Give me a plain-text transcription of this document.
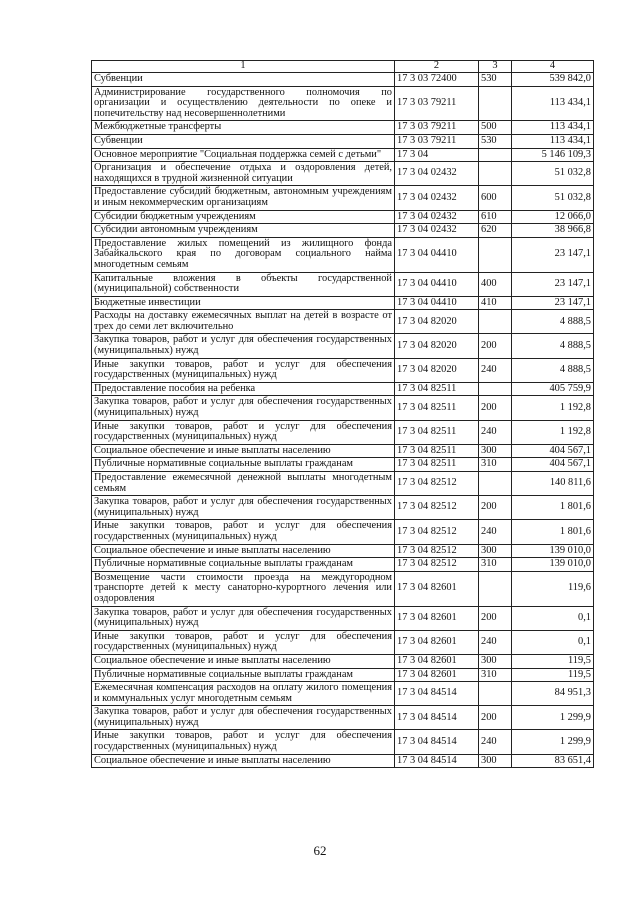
1	2	3	4
Субвенции	17 3 03 72400	530	539 842,0
Администрирование государственного полномочия по организации и осуществлению деятельности по опеке и попечительству над несовершеннолетними	17 3 03 79211		113 434,1
Межбюджетные трансферты	17 3 03 79211	500	113 434,1
Субвенции	17 3 03 79211	530	113 434,1
Основное мероприятие "Социальная поддержка семей с детьми"	17 3 04		5 146 109,3
Организация и обеспечение отдыха и оздоровления детей, находящихся в трудной жизненной ситуации	17 3 04 02432		51 032,8
Предоставление субсидий бюджетным, автономным учреждениям и иным некоммерческим организациям	17 3 04 02432	600	51 032,8
Субсидии бюджетным учреждениям	17 3 04 02432	610	12 066,0
Субсидии автономным учреждениям	17 3 04 02432	620	38 966,8
Предоставление жилых помещений из жилищного фонда Забайкальского края по договорам социального найма многодетным семьям	17 3 04 04410		23 147,1
Капитальные вложения в объекты государственной (муниципальной) собственности	17 3 04 04410	400	23 147,1
Бюджетные инвестиции	17 3 04 04410	410	23 147,1
Расходы на доставку ежемесячных выплат на детей в возрасте от трех до семи лет включительно	17 3 04 82020		4 888,5
Закупка товаров, работ и услуг для обеспечения государственных (муниципальных) нужд	17 3 04 82020	200	4 888,5
Иные закупки товаров, работ и услуг для обеспечения государственных (муниципальных) нужд	17 3 04 82020	240	4 888,5
Предоставление пособия на ребенка	17 3 04 82511		405 759,9
Закупка товаров, работ и услуг для обеспечения государственных (муниципальных) нужд	17 3 04 82511	200	1 192,8
Иные закупки товаров, работ и услуг для обеспечения государственных (муниципальных) нужд	17 3 04 82511	240	1 192,8
Социальное обеспечение и иные выплаты населению	17 3 04 82511	300	404 567,1
Публичные нормативные социальные выплаты гражданам	17 3 04 82511	310	404 567,1
Предоставление ежемесячной денежной выплаты многодетным семьям	17 3 04 82512		140 811,6
Закупка товаров, работ и услуг для обеспечения государственных (муниципальных) нужд	17 3 04 82512	200	1 801,6
Иные закупки товаров, работ и услуг для обеспечения государственных (муниципальных) нужд	17 3 04 82512	240	1 801,6
Социальное обеспечение и иные выплаты населению	17 3 04 82512	300	139 010,0
Публичные нормативные социальные выплаты гражданам	17 3 04 82512	310	139 010,0
Возмещение части стоимости проезда на междугородном транспорте детей к месту санаторно-курортного лечения или оздоровления	17 3 04 82601		119,6
Закупка товаров, работ и услуг для обеспечения государственных (муниципальных) нужд	17 3 04 82601	200	0,1
Иные закупки товаров, работ и услуг для обеспечения государственных (муниципальных) нужд	17 3 04 82601	240	0,1
Социальное обеспечение и иные выплаты населению	17 3 04 82601	300	119,5
Публичные нормативные социальные выплаты гражданам	17 3 04 82601	310	119,5
Ежемесячная компенсация расходов на оплату жилого помещения и коммунальных услуг многодетным семьям	17 3 04 84514		84 951,3
Закупка товаров, работ и услуг для обеспечения государственных (муниципальных) нужд	17 3 04 84514	200	1 299,9
Иные закупки товаров, работ и услуг для обеспечения государственных (муниципальных) нужд	17 3 04 84514	240	1 299,9
Социальное обеспечение и иные выплаты населению	17 3 04 84514	300	83 651,4
62
